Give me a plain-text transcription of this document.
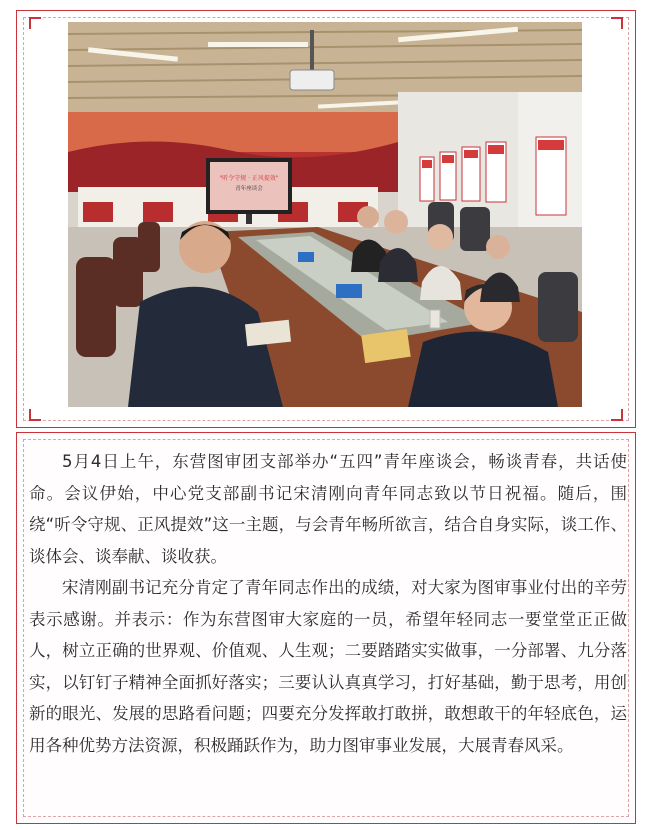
"听令守规 · 正风提效"
青年座谈会

5月4日上午，东营图审团支部举办“五四”青年座谈会，畅谈青春，共话使命。会议伊始，中心党支部副书记宋清刚向青年同志致以节日祝福。随后，围绕“听令守规、正风提效”这一主题，与会青年畅所欲言，结合自身实际，谈工作、谈体会、谈奉献、谈收获。

宋清刚副书记充分肯定了青年同志作出的成绩，对大家为图审事业付出的辛劳表示感谢。并表示：作为东营图审大家庭的一员，希望年轻同志一要堂堂正正做人，树立正确的世界观、价值观、人生观；二要踏踏实实做事，一分部署、九分落实，以钉钉子精神全面抓好落实；三要认认真真学习，打好基础，勤于思考，用创新的眼光、发展的思路看问题；四要充分发挥敢打敢拼，敢想敢干的年轻底色，运用各种优势方法资源，积极踊跃作为，助力图审事业发展，大展青春风采。
